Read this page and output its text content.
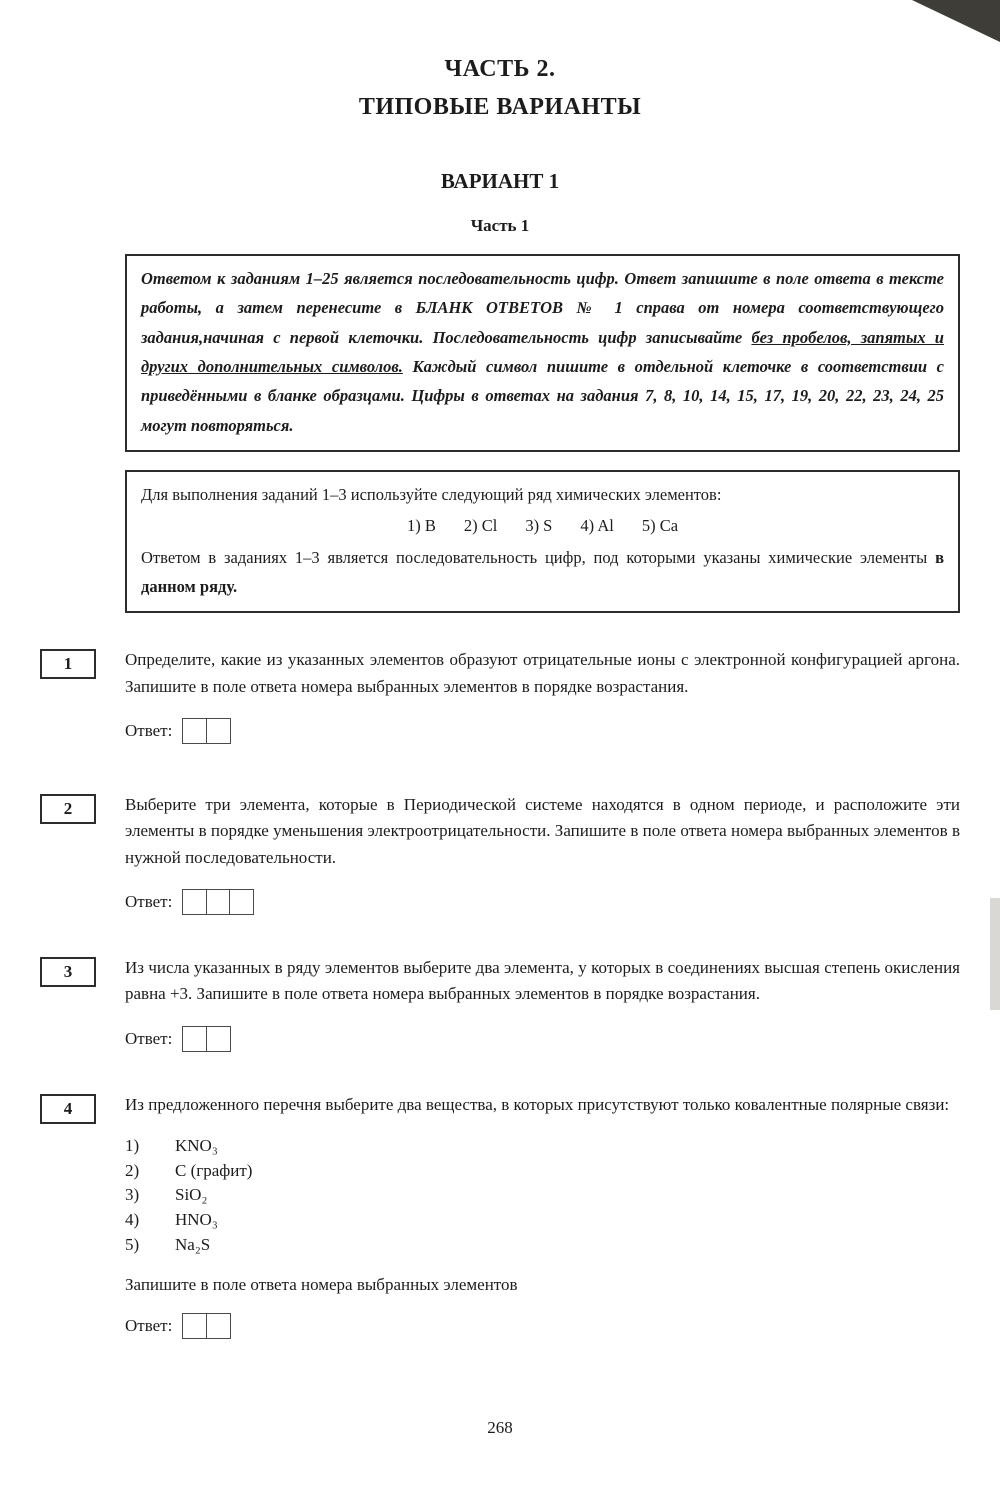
ЧАСТЬ 2.
ТИПОВЫЕ ВАРИАНТЫ
ВАРИАНТ 1
Часть 1
Ответом к заданиям 1–25 является последовательность цифр. Ответ запишите в поле ответа в тексте работы, а затем перенесите в БЛАНК ОТВЕТОВ № 1 справа от номера соответствующего задания,начиная с первой клеточки. Последовательность цифр записывайте без пробелов, запятых и других дополнительных символов. Каждый символ пишите в отдельной клеточке в соответствии с приведёнными в бланке образцами. Цифры в ответах на задания 7, 8, 10, 14, 15, 17, 19, 20, 22, 23, 24, 25 могут повторяться.
Для выполнения заданий 1–3 используйте следующий ряд химических элементов:
1) B 2) Cl 3) S 4) Al 5) Ca
Ответом в заданиях 1–3 является последовательность цифр, под которыми указаны химические элементы в данном ряду.
1	Определите, какие из указанных элементов образуют отрицательные ионы с электронной конфигурацией аргона. Запишите в поле ответа номера выбранных элементов в порядке возрастания.

Ответ:
2	Выберите три элемента, которые в Периодической системе находятся в одном периоде, и расположите эти элементы в порядке уменьшения электроотрицательности. Запишите в поле ответа номера выбранных элементов в нужной последовательности.

Ответ:
3	Из числа указанных в ряду элементов выберите два элемента, у которых в соединениях высшая степень окисления равна +3. Запишите в поле ответа номера выбранных элементов в порядке возрастания.

Ответ:
4	Из предложенного перечня выберите два вещества, в которых присутствуют только ковалентные полярные связи:

1)	KNO₃
2)	C (графит)
3)	SiO₂
4)	HNO₃
5)	Na₂S

Запишите в поле ответа номера выбранных элементов

Ответ:
268
